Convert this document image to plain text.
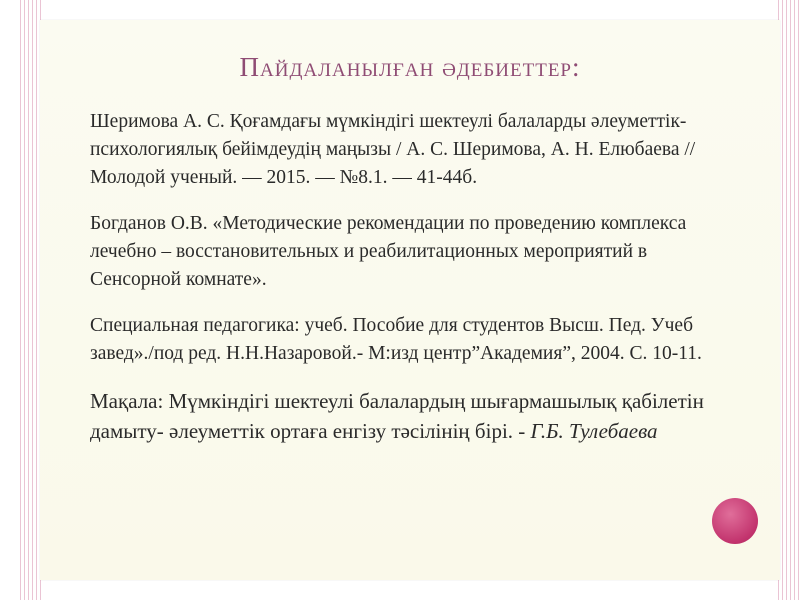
Пайдаланылған әдебиеттер:
Шеримова А. С. Қоғамдағы мүмкіндігі шектеулі балаларды әлеуметтік-психологиялық бейімдеудің маңызы / А. С. Шеримова, А. Н. Елюбаева // Молодой ученый. — 2015. — №8.1. — 41-44б.
Богданов О.В. «Методические рекомендации по проведению комплекса лечебно – восстановительных и реабилитационных мероприятий в Сенсорной комнате».
Специальная педагогика: учеб. Пособие для студентов Высш. Пед. Учеб завед»./под ред. Н.Н.Назаровой.- М:изд центр”Академия”, 2004. С. 10-11.
Мақала: Мүмкіндігі шектеулі балалардың шығармашылық қабілетін дамыту- әлеуметтік ортаға енгізу тәсілінің бірі. - Г.Б. Тулебаева
